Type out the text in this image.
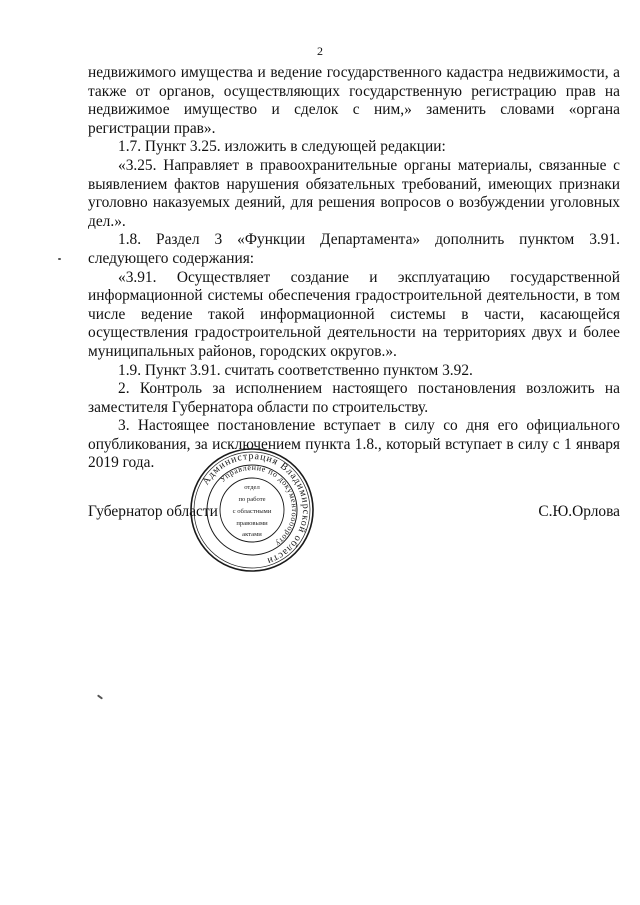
2

недвижимого имущества и ведение государственного кадастра недвижимости, а также от органов, осуществляющих государственную регистрацию прав на недвижимое имущество и сделок с ним,» заменить словами «органа регистрации прав».

1.7. Пункт 3.25. изложить в следующей редакции:

«3.25. Направляет в правоохранительные органы материалы, связанные с выявлением фактов нарушения обязательных требований, имеющих признаки уголовно наказуемых деяний, для решения вопросов о возбуждении уголовных дел.».

1.8. Раздел 3 «Функции Департамента» дополнить пунктом 3.91. следующего содержания:

«3.91. Осуществляет создание и эксплуатацию государственной информационной системы обеспечения градостроительной деятельности, в том числе ведение такой информационной системы в части, касающейся осуществления градостроительной деятельности на территориях двух и более муниципальных районов, городских округов.».

1.9. Пункт 3.91. считать соответственно пунктом 3.92.

2. Контроль за исполнением настоящего постановления возложить на заместителя Губернатора области по строительству.

3. Настоящее постановление вступает в силу со дня его официального опубликования, за исключением пункта 1.8., который вступает в силу с 1 января 2019 года.

Губернатор области	С.Ю.Орлова
Администрация Владимирской области
Управление по документообороту
отдел
по работе
с областными
правовыми
актами
